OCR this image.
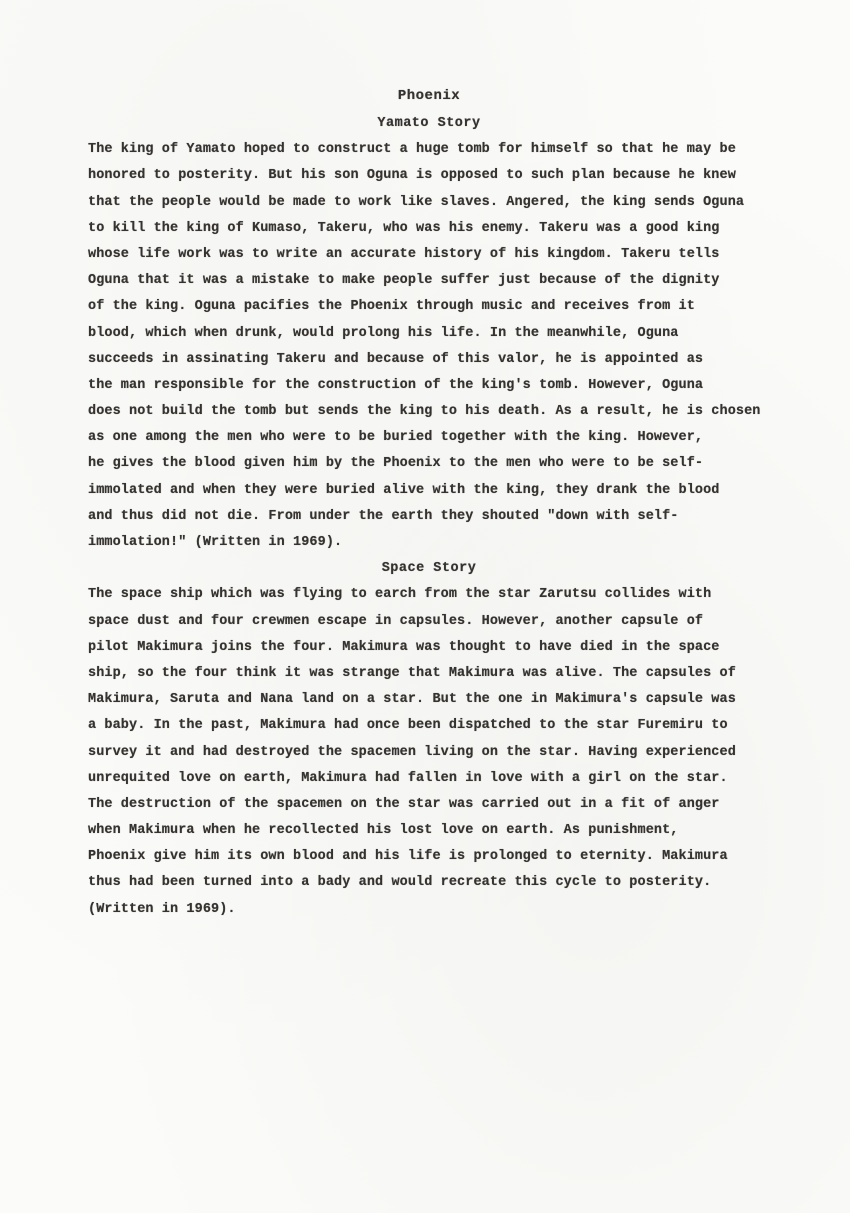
Phoenix
Yamato Story
The king of Yamato hoped to construct a huge tomb for himself so that he may be
honored to posterity. But his son Oguna is opposed to such plan because he knew
that the people would be made to work like slaves. Angered, the king sends Oguna
to kill the king of Kumaso, Takeru, who was his enemy. Takeru was a good king
whose life work was to write an accurate history of his kingdom. Takeru tells
Oguna that it was a mistake to make people suffer just because of the dignity
of the king. Oguna pacifies the Phoenix through music and receives from it
blood, which when drunk, would prolong his life. In the meanwhile, Oguna
succeeds in assinating Takeru and because of this valor, he is appointed as
the man responsible for the construction of the king's tomb. However, Oguna
does not build the tomb but sends the king to his death. As a result, he is chosen
as one among the men who were to be buried together with the king. However,
he gives the blood given him by the Phoenix to the men who were to be self-
immolated and when they were buried alive with the king, they drank the blood
and thus did not die. From under the earth they shouted "down with self-
immolation!" (Written in 1969).
Space Story
The space ship which was flying to earch from the star Zarutsu collides with
space dust and four crewmen escape in capsules. However, another capsule of
pilot Makimura joins the four. Makimura was thought to have died in the space
ship, so the four think it was strange that Makimura was alive. The capsules of
Makimura, Saruta and Nana land on a star. But the one in Makimura's capsule was
a baby. In the past, Makimura had once been dispatched to the star Furemiru to
survey it and had destroyed the spacemen living on the star. Having experienced
unrequited love on earth, Makimura had fallen in love with a girl on the star.
The destruction of the spacemen on the star was carried out in a fit of anger
when Makimura when he recollected his lost love on earth. As punishment,
Phoenix give him its own blood and his life is prolonged to eternity. Makimura
thus had been turned into a bady and would recreate this cycle to posterity.
(Written in 1969).
